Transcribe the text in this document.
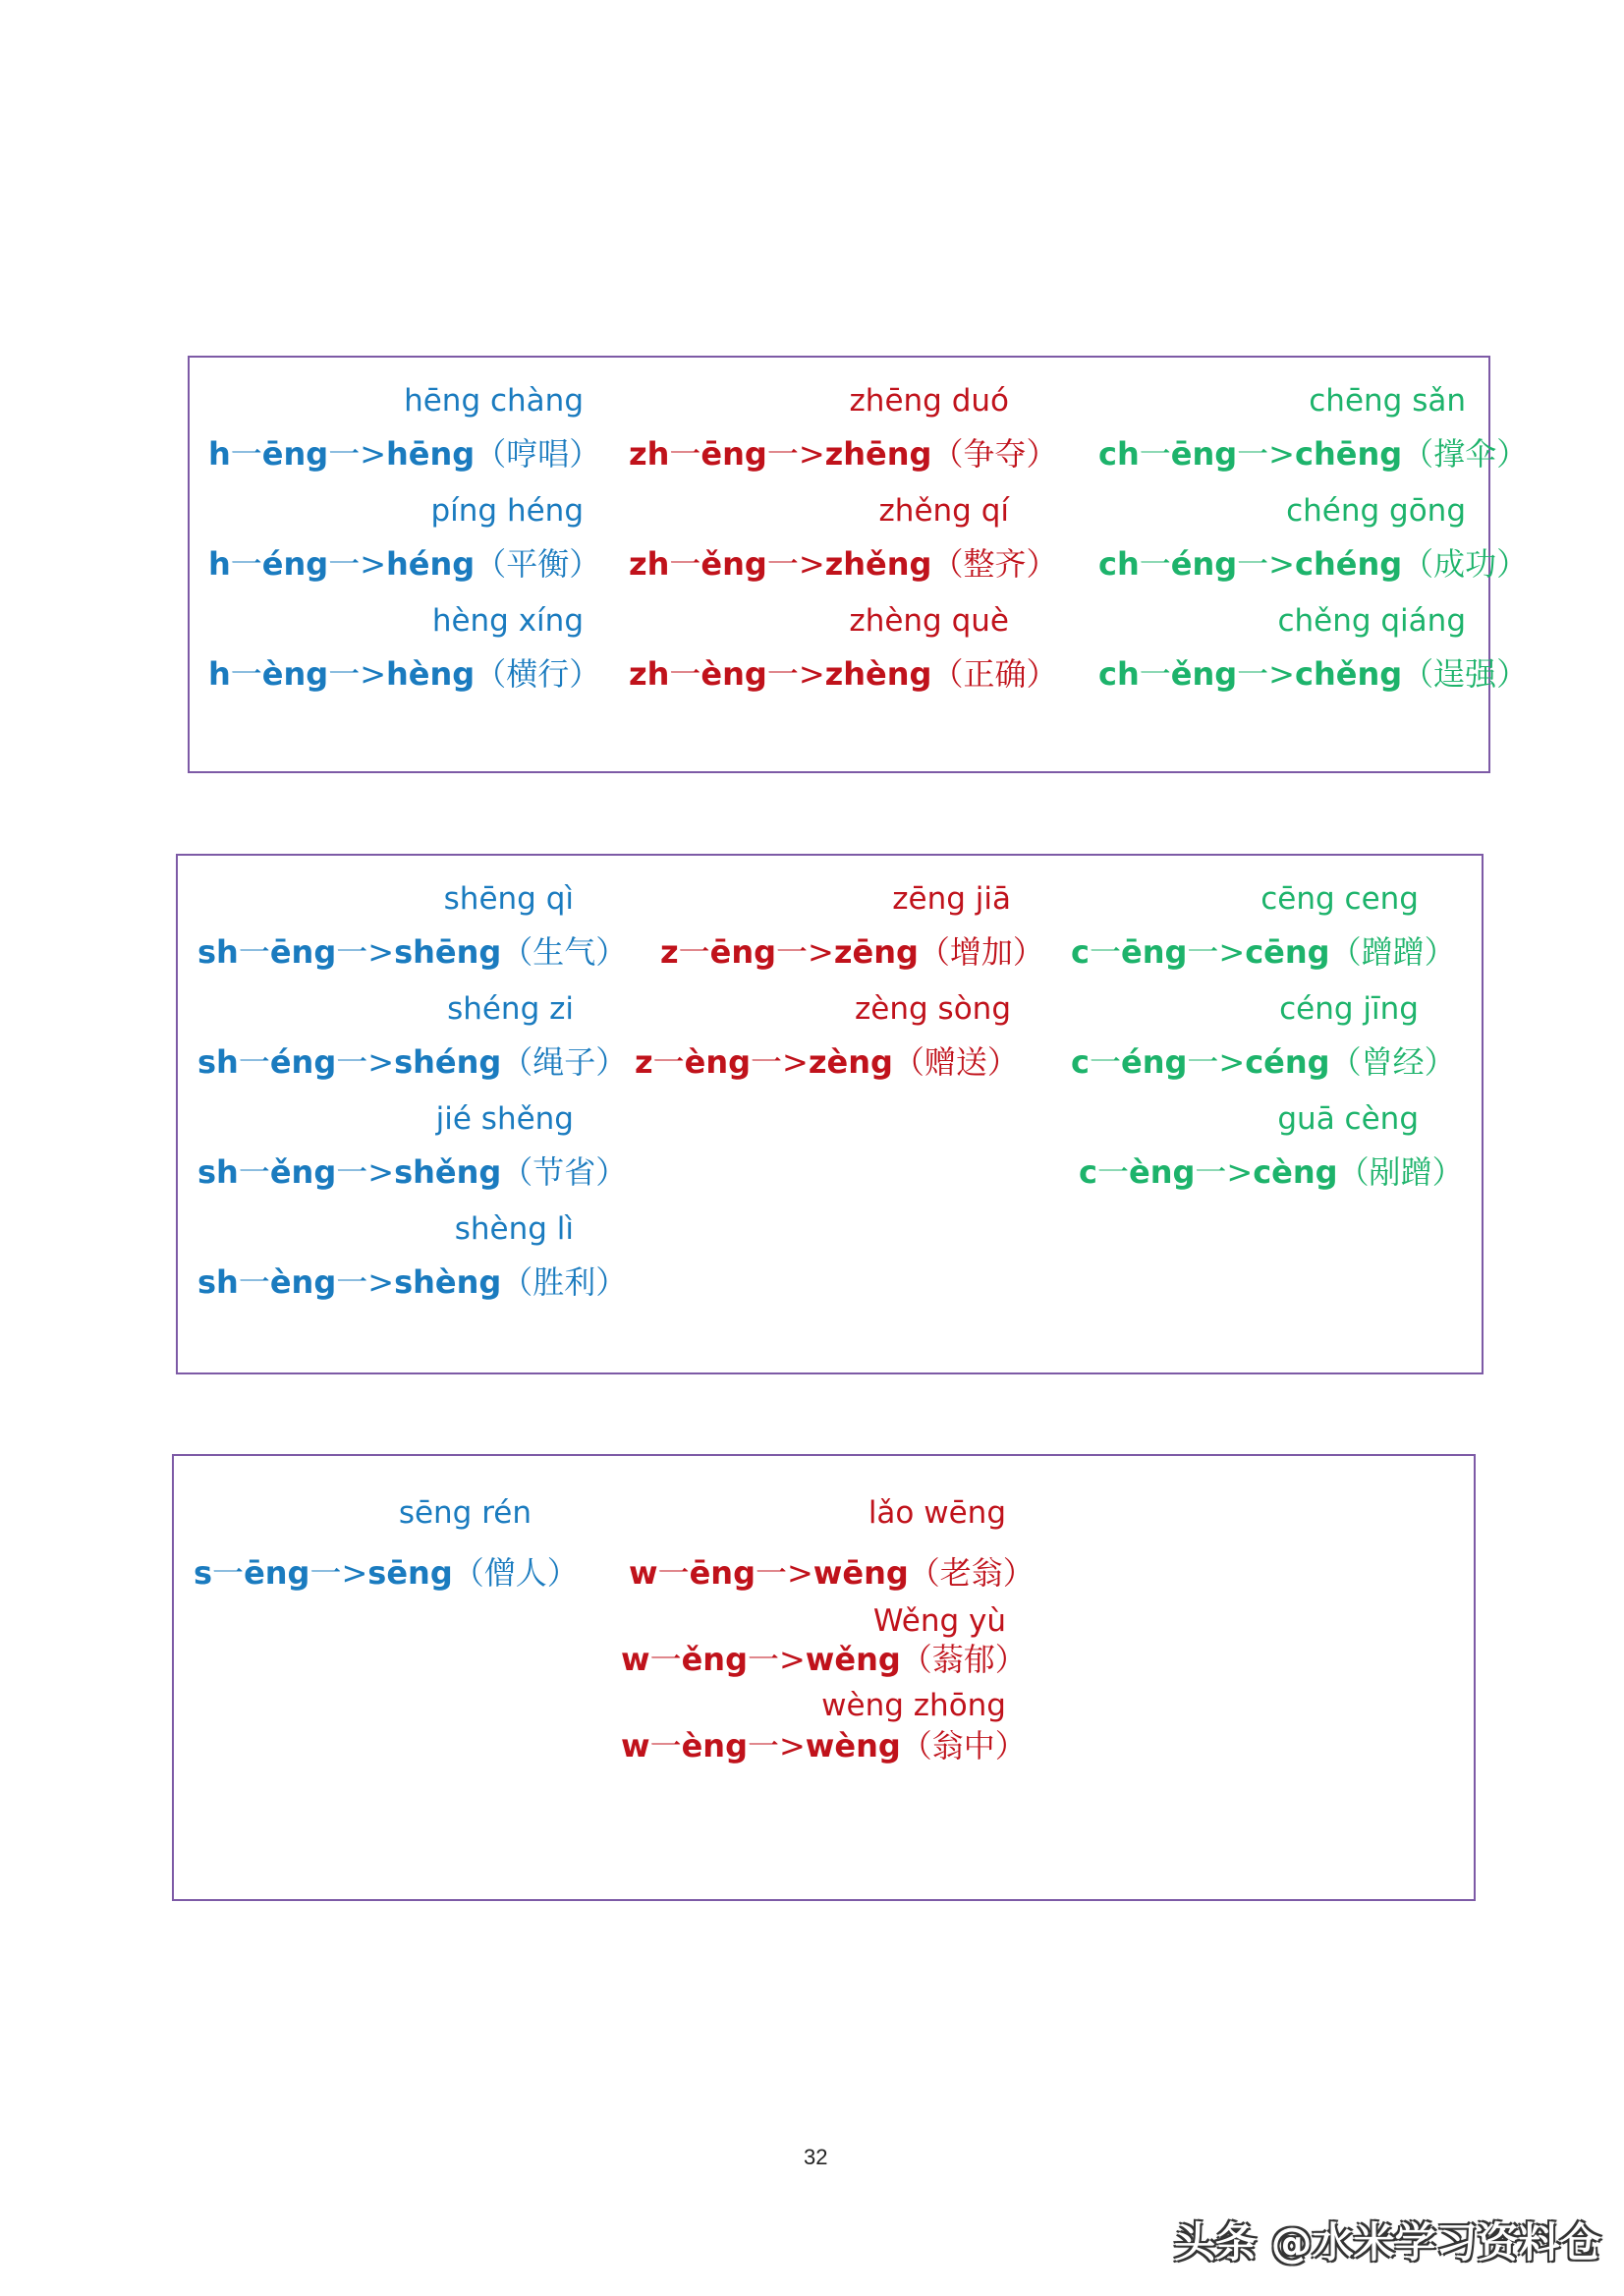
hēng chàng
h一ēng一>hēng（哼唱）
píng héng
h一éng一>héng（平衡）
hèng xíng
h一èng一>hèng（横行）
zhēng duó
zh一ēng一>zhēng（争夺）
zhěng qí
zh一ěng一>zhěng（整齐）
zhèng què
zh一èng一>zhèng（正确）
chēng sǎn
ch一ēng一>chēng（撑伞）
chéng gōng
ch一éng一>chéng（成功）
chěng qiáng
ch一ěng一>chěng（逞强）
shēng qì
sh一ēng一>shēng（生气）
shéng zi
sh一éng一>shéng（绳子）
jié shěng
sh一ěng一>shěng（节省）
shèng lì
sh一èng一>shèng（胜利）
zēng jiā
z一ēng一>zēng（增加）
zèng sòng
z一èng一>zèng（赠送）
cēng ceng
c一ēng一>cēng（蹭蹭）
céng jīng
c一éng一>céng（曾经）
guā cèng
c一èng一>cèng（剐蹭）
sēng rén
s一ēng一>sēng（僧人）
lǎo wēng
w一ēng一>wēng（老翁）
Wěng yù
w一ěng一>wěng（蓊郁）
wèng zhōng
w一èng一>wèng（翁中）
32
头条 @水米学习资料仓
